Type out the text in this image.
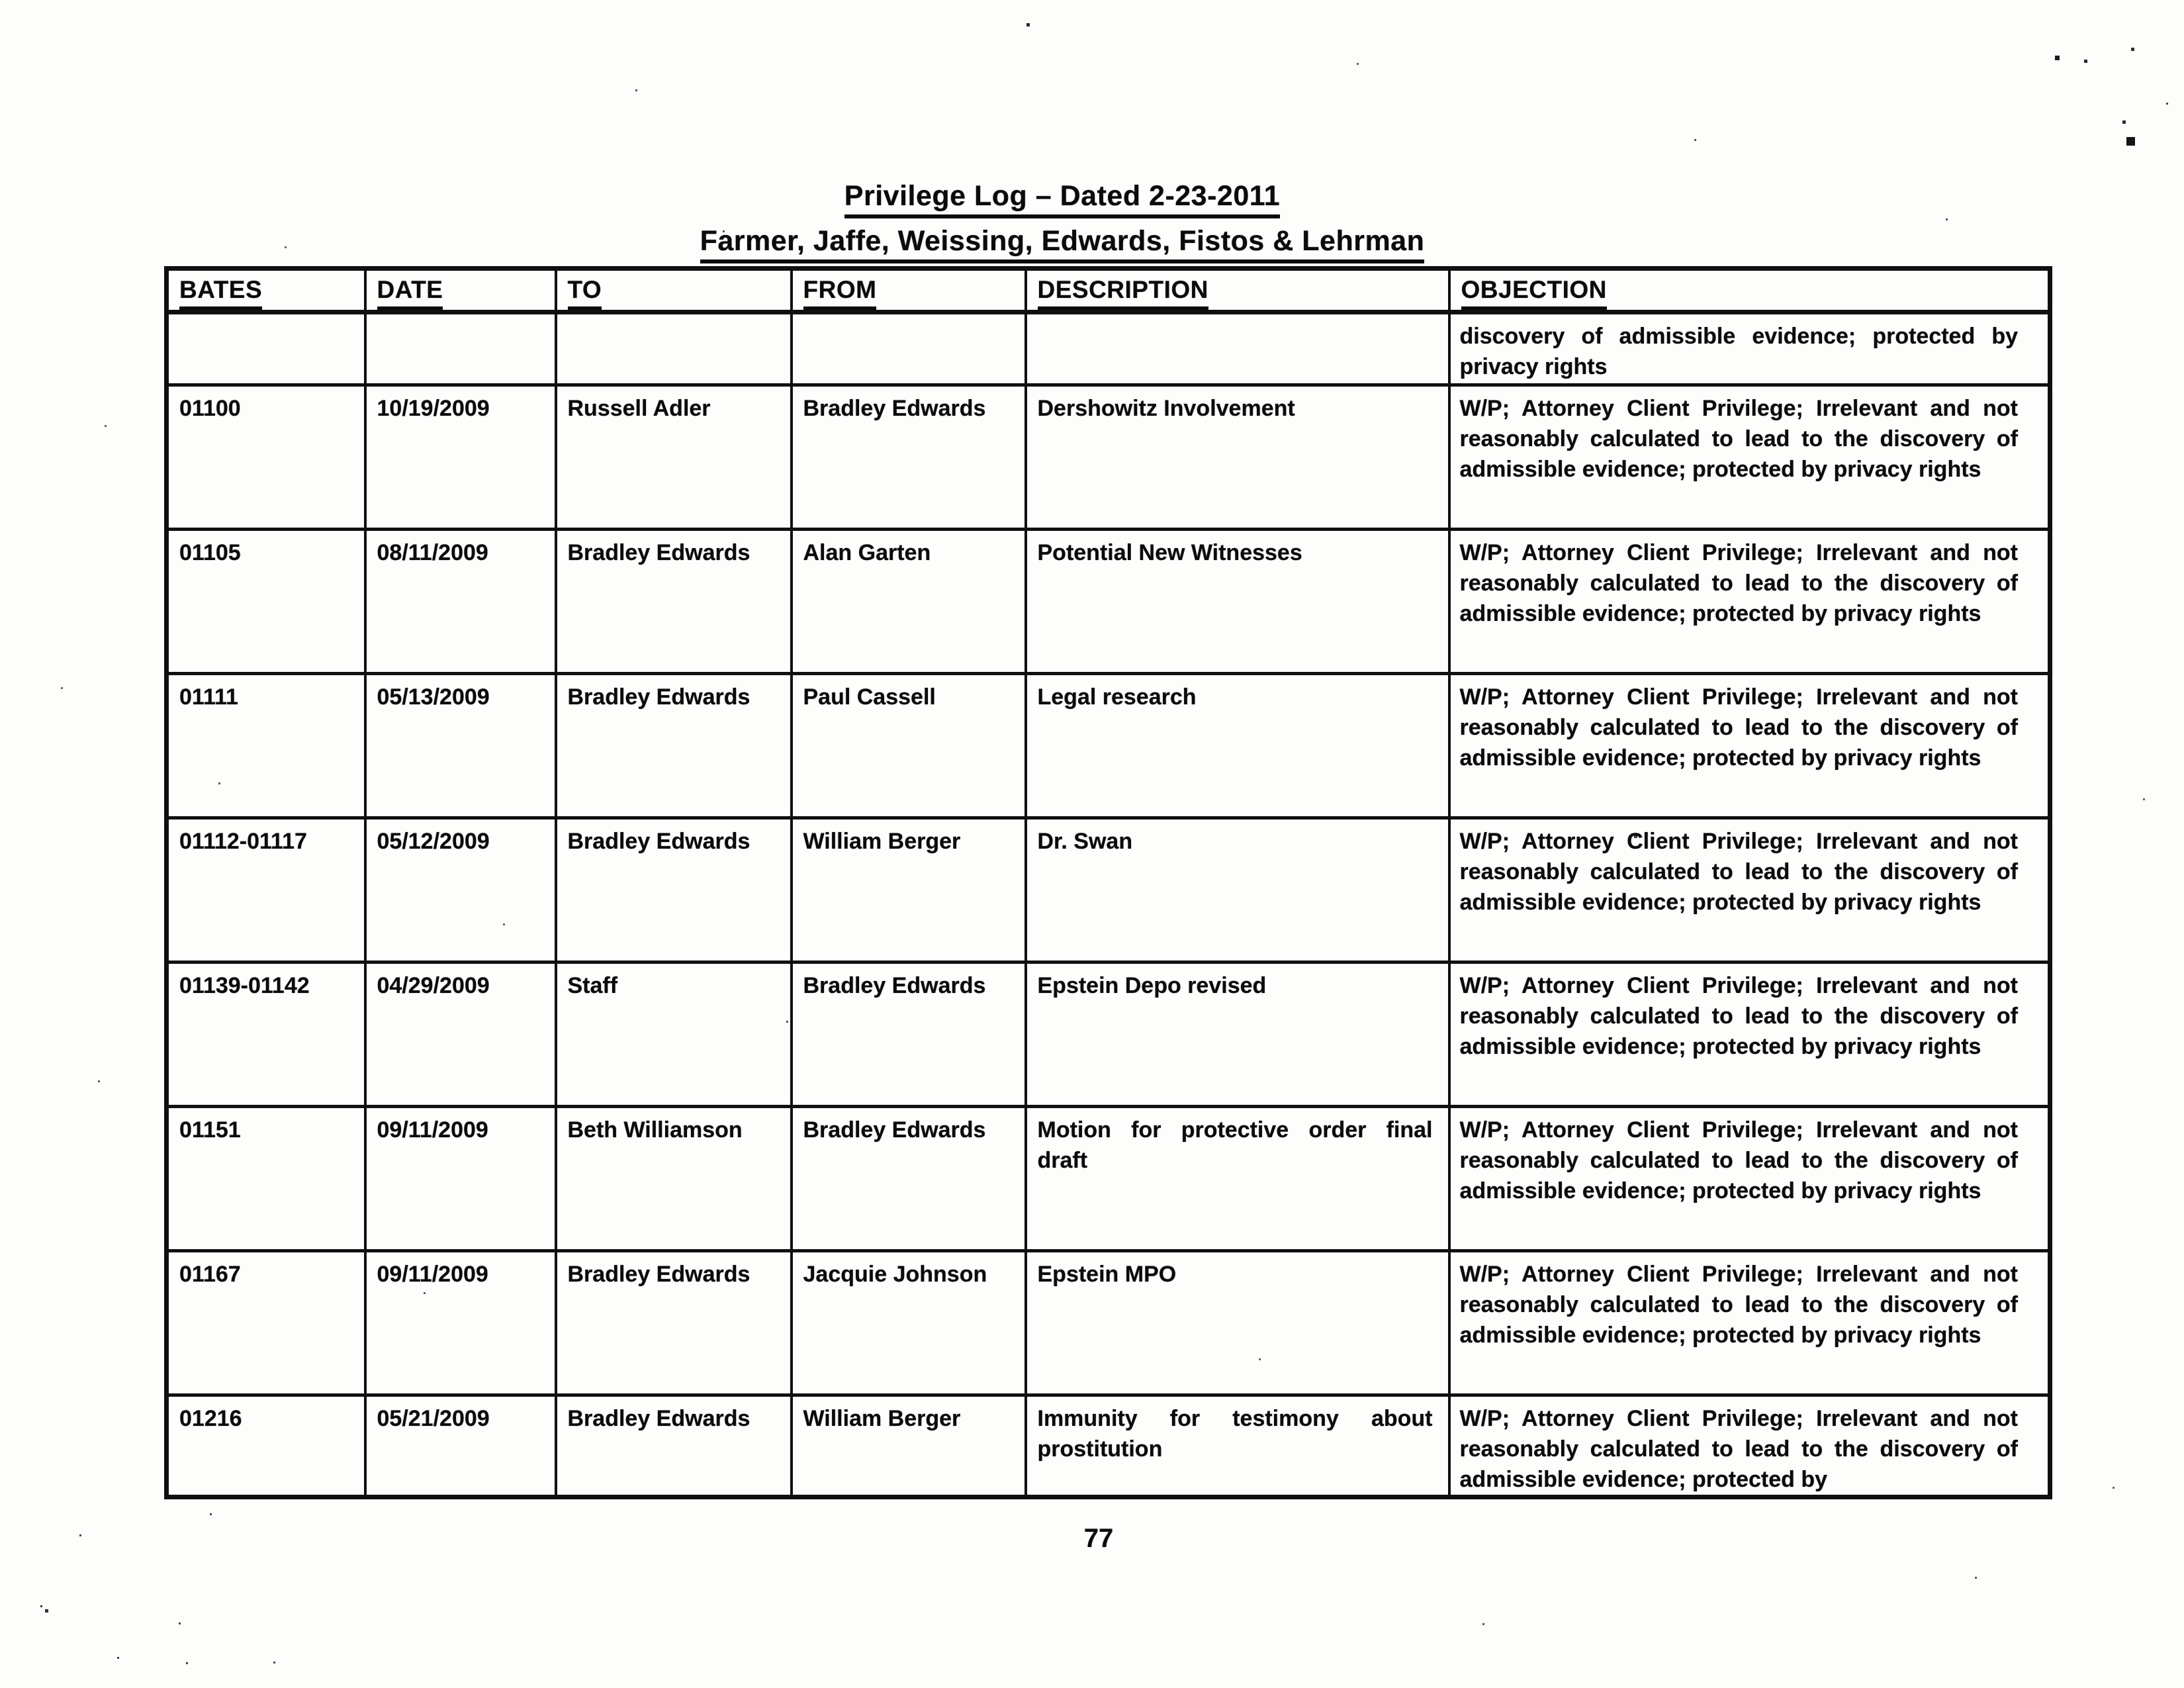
Privilege Log – Dated 2-23-2011
Farmer, Jaffe, Weissing, Edwards, Fistos & Lehrman
BATES	DATE	TO	FROM	DESCRIPTION	OBJECTION
					discovery of admissible evidence; protected by privacy rights
01100	10/19/2009	Russell Adler	Bradley Edwards	Dershowitz Involvement	W/P; Attorney Client Privilege; Irrelevant and not reasonably calculated to lead to the discovery of admissible evidence; protected by privacy rights
01105	08/11/2009	Bradley Edwards	Alan Garten	Potential New Witnesses	W/P; Attorney Client Privilege; Irrelevant and not reasonably calculated to lead to the discovery of admissible evidence; protected by privacy rights
01111	05/13/2009	Bradley Edwards	Paul Cassell	Legal research	W/P; Attorney Client Privilege; Irrelevant and not reasonably calculated to lead to the discovery of admissible evidence; protected by privacy rights
01112-01117	05/12/2009	Bradley Edwards	William Berger	Dr. Swan	W/P; Attorney Client Privilege; Irrelevant and not reasonably calculated to lead to the discovery of admissible evidence; protected by privacy rights
01139-01142	04/29/2009	Staff	Bradley Edwards	Epstein Depo revised	W/P; Attorney Client Privilege; Irrelevant and not reasonably calculated to lead to the discovery of admissible evidence; protected by privacy rights
01151	09/11/2009	Beth Williamson	Bradley Edwards	Motion for protective order final draft	W/P; Attorney Client Privilege; Irrelevant and not reasonably calculated to lead to the discovery of admissible evidence; protected by privacy rights
01167	09/11/2009	Bradley Edwards	Jacquie Johnson	Epstein MPO	W/P; Attorney Client Privilege; Irrelevant and not reasonably calculated to lead to the discovery of admissible evidence; protected by privacy rights
01216	05/21/2009	Bradley Edwards	William Berger	Immunity for testimony about prostitution	W/P; Attorney Client Privilege; Irrelevant and not reasonably calculated to lead to the discovery of admissible evidence; protected by
77
